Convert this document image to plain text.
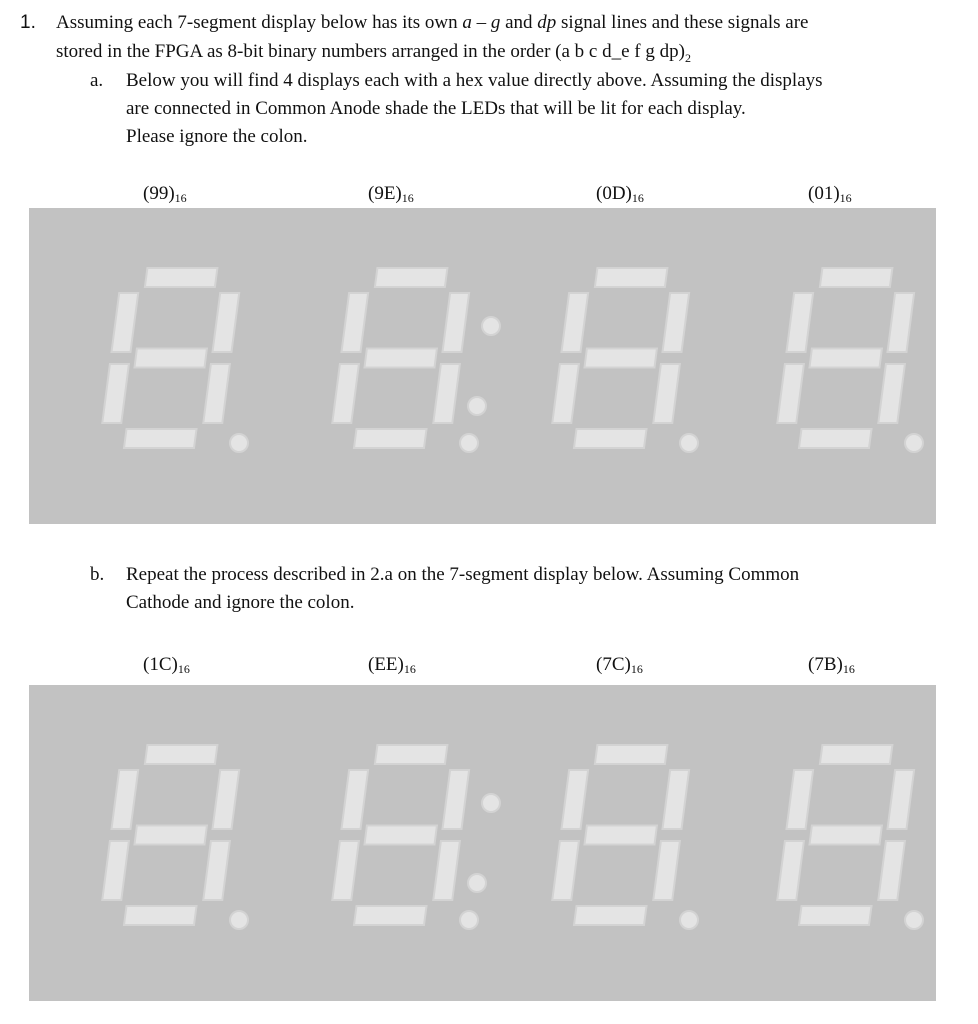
1. Assuming each 7-segment display below has its own a – g and dp signal lines and these signals are
stored in the FPGA as 8-bit binary numbers arranged in the order (a b c d_e f g $dp)_2$
a. Below you will find 4 displays each with a hex value directly above. Assuming the displays
are connected in Common Anode shade the LEDs that will be lit for each display.
Please ignore the colon.
$(99)_{16}$	$(9E)_{16}$	$(0D)_{16}$	$(01)_{16}$
b. Repeat the process described in 2.a on the 7-segment display below. Assuming Common
Cathode and ignore the colon.
$(1C)_{16}$	$(EE)_{16}$	$(7C)_{16}$	$(7B)_{16}$
